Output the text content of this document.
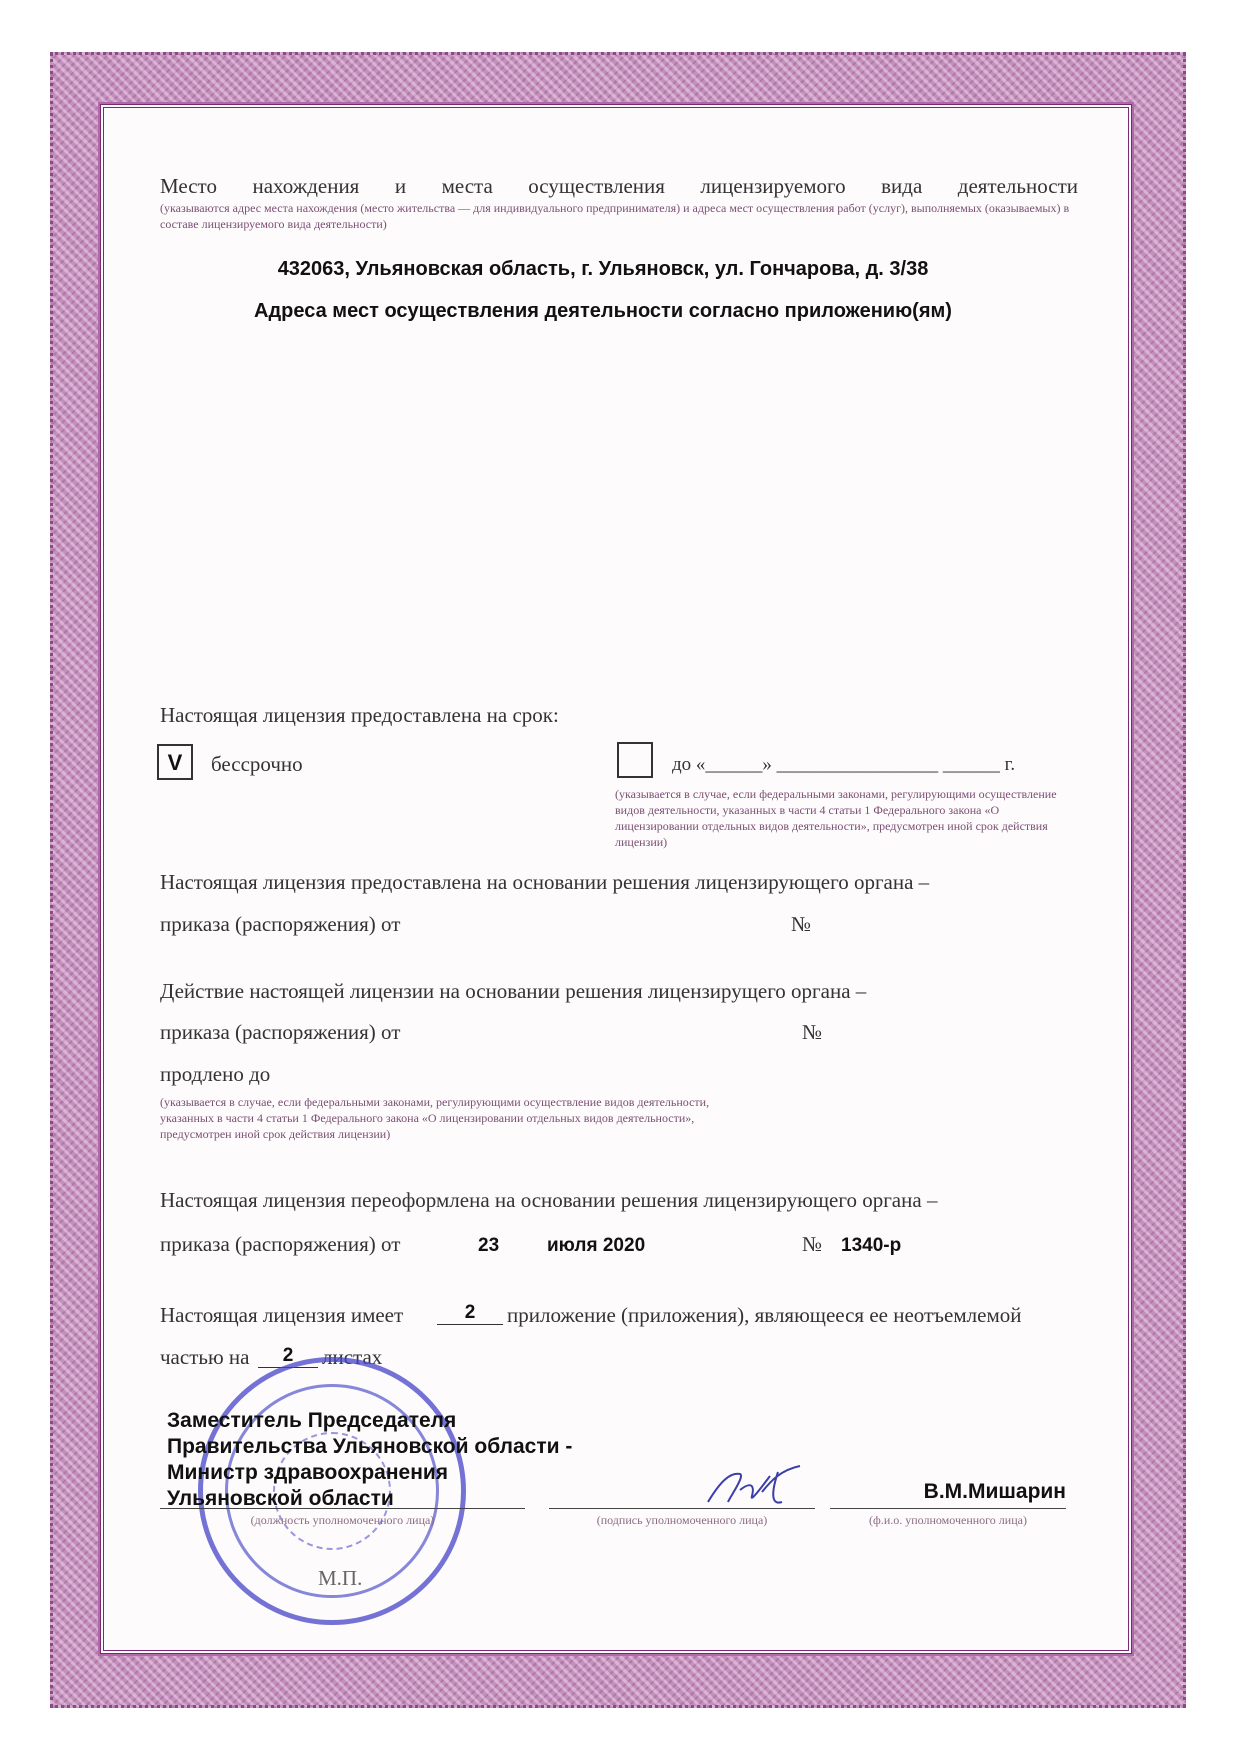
Место нахождения и места осуществления лицензируемого вида деятельности
(указываются адрес места нахождения (место жительства — для индивидуального предпринимателя) и адреса мест осуществления работ (услуг), выполняемых (оказываемых) в составе лицензируемого вида деятельности)
432063, Ульяновская область, г. Ульяновск, ул. Гончарова, д. 3/38
Адреса мест осуществления деятельности согласно приложению(ям)
Настоящая лицензия предоставлена на срок:
V	бессрочно	до «______» _________________ ______ г.
(указывается в случае, если федеральными законами, регулирующими осуществление видов деятельности, указанных в части 4 статьи 1 Федерального закона «О лицензировании отдельных видов деятельности», предусмотрен иной срок действия лицензии)
Настоящая лицензия предоставлена на основании решения лицензирующего органа –
приказа (распоряжения) от	№
Действие настоящей лицензии на основании решения лицензирущего органа –
приказа (распоряжения) от	№
продлено до
(указывается в случае, если федеральными законами, регулирующими осуществление видов деятельности, указанных в части 4 статьи 1 Федерального закона «О лицензировании отдельных видов деятельности», предусмотрен иной срок действия лицензии)
Настоящая лицензия переоформлена на основании решения лицензирующего органа –
приказа (распоряжения) от	23	июля 2020	№ 1340-р
Настоящая лицензия имеет	2	приложение (приложения), являющееся ее неотъемлемой
частью на	2	листах
Заместитель Председателя
Правительства Ульяновской области -
Министр здравоохранения
Ульяновской области
(должность уполномоченного лица)	(подпись уполномоченного лица)	(ф.и.о. уполномоченного лица)
В.М.Мишарин
М.П.
